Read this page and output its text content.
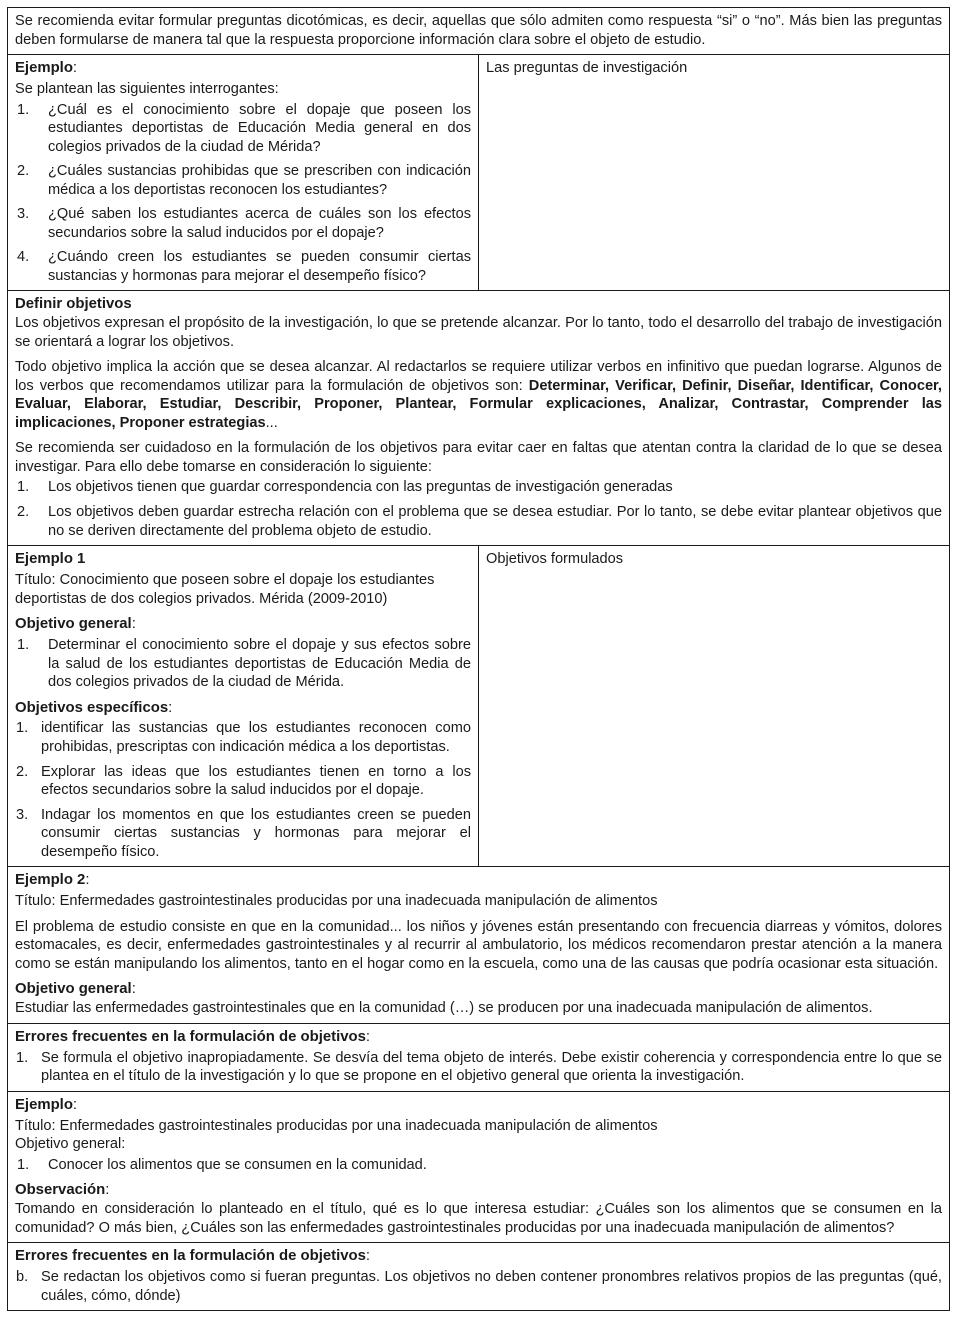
Se recomienda evitar formular preguntas dicotómicas, es decir, aquellas que sólo admiten como respuesta “si” o “no”. Más bien las preguntas deben formularse de manera tal que la respuesta proporcione información clara sobre el objeto de estudio.	

Ejemplo:

Se plantean las siguientes interrogantes:

1.	¿Cuál es el conocimiento sobre el dopaje que poseen los estudiantes deportistas de Educación Media general en dos colegios privados de la ciudad de Mérida?
2.	¿Cuáles sustancias prohibidas que se prescriben con indicación médica a los deportistas reconocen los estudiantes?
3.	¿Qué saben los estudiantes acerca de cuáles son los efectos secundarios sobre la salud inducidos por el dopaje?
4.	¿Cuándo creen los estudiantes se pueden consumir ciertas sustancias y hormonas para mejorar el desempeño físico?
	Las preguntas de investigación

Definir objetivos

Los objetivos expresan el propósito de la investigación, lo que se pretende alcanzar. Por lo tanto, todo el desarrollo del trabajo de investigación se orientará a lograr los objetivos.

Todo objetivo implica la acción que se desea alcanzar. Al redactarlos se requiere utilizar verbos en infinitivo que puedan lograrse. Algunos de los verbos que recomendamos utilizar para la formulación de objetivos son: Determinar, Verificar, Definir, Diseñar, Identificar, Conocer, Evaluar, Elaborar, Estudiar, Describir, Proponer, Plantear, Formular explicaciones, Analizar, Contrastar, Comprender las implicaciones, Proponer estrategias...

Se recomienda ser cuidadoso en la formulación de los objetivos para evitar caer en faltas que atentan contra la claridad de lo que se desea investigar. Para ello debe tomarse en consideración lo siguiente:

1.	Los objetivos tienen que guardar correspondencia con las preguntas de investigación generadas
2.	Los objetivos deben guardar estrecha relación con el problema que se desea estudiar. Por lo tanto, se debe evitar plantear objetivos que no se deriven directamente del problema objeto de estudio.

Ejemplo 1

Título: Conocimiento que poseen sobre el dopaje los estudiantes deportistas de dos colegios privados. Mérida (2009-2010)

Objetivo general:

1.	Determinar el conocimiento sobre el dopaje y sus efectos sobre la salud de los estudiantes deportistas de Educación Media de dos colegios privados de la ciudad de Mérida.

Objetivos específicos:

1. identificar las sustancias que los estudiantes reconocen como prohibidas, prescriptas con indicación médica a los deportistas.
2. Explorar las ideas que los estudiantes tienen en torno a los efectos secundarios sobre la salud inducidos por el dopaje.
3. Indagar los momentos en que los estudiantes creen se pueden consumir ciertas sustancias y hormonas para mejorar el desempeño físico.
	Objetivos formulados

Ejemplo 2:

Título: Enfermedades gastrointestinales producidas por una inadecuada manipulación de alimentos

El problema de estudio consiste en que en la comunidad... los niños y jóvenes están presentando con frecuencia diarreas y vómitos, dolores estomacales, es decir, enfermedades gastrointestinales y al recurrir al ambulatorio, los médicos recomendaron prestar atención a la manera como se están manipulando los alimentos, tanto en el hogar como en la escuela, como una de las causas que podría ocasionar esta situación.

Objetivo general:

Estudiar las enfermedades gastrointestinales que en la comunidad (…) se producen por una inadecuada manipulación de alimentos.	

Errores frecuentes en la formulación de objetivos:

1. Se formula el objetivo inapropiadamente. Se desvía del tema objeto de interés. Debe existir coherencia y correspondencia entre lo que se plantea en el título de la investigación y lo que se propone en el objetivo general que orienta la investigación.

Ejemplo:

Título: Enfermedades gastrointestinales producidas por una inadecuada manipulación de alimentos

Objetivo general:

1.	Conocer los alimentos que se consumen en la comunidad.

Observación:

Tomando en consideración lo planteado en el título, qué es lo que interesa estudiar: ¿Cuáles son los alimentos que se consumen en la comunidad? O más bien, ¿Cuáles son las enfermedades gastrointestinales producidas por una inadecuada manipulación de alimentos?

Errores frecuentes en la formulación de objetivos:

b. Se redactan los objetivos como si fueran preguntas. Los objetivos no deben contener pronombres relativos propios de las preguntas (qué, cuáles, cómo, dónde)
